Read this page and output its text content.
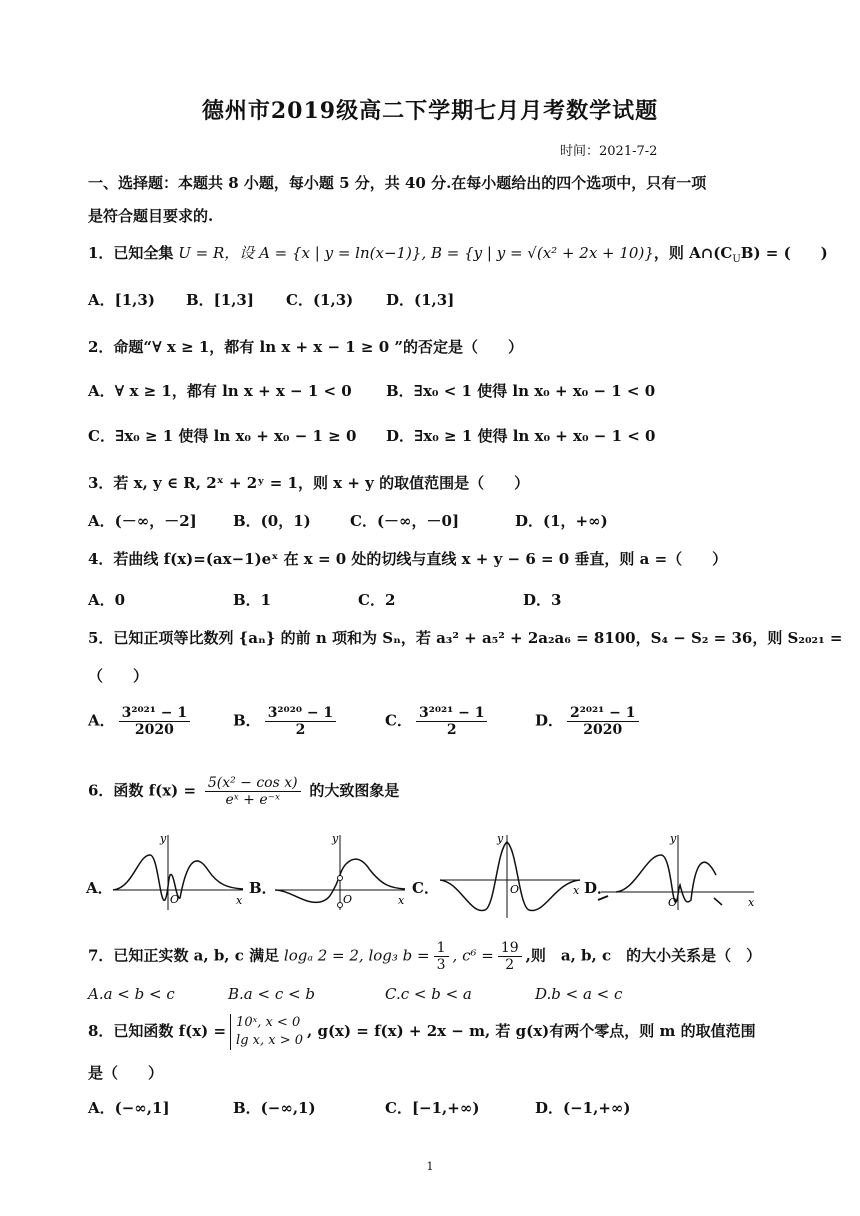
德州市2019级高二下学期七月月考数学试题
时间：2021-7-2
一、选择题：本题共 8 小题，每小题 5 分，共 40 分.在每小题给出的四个选项中，只有一项
是符合题目要求的.
1．已知全集 U = R，设 A = {x | y = ln(x−1)}, B = {y | y = √(x² + 2x + 10)}，则 $A\cap(C_UB)$ = (　　)
A．[1,3) B．[1,3] C．(1,3) D．(1,3]
2．命题“∀ x ≥ 1，都有 ln x + x − 1 ≥ 0 ”的否定是（　　）
A．∀ x ≥ 1，都有 ln x + x − 1 < 0 B．∃x₀ < 1 使得 ln x₀ + x₀ − 1 < 0
C．∃x₀ ≥ 1 使得 ln x₀ + x₀ − 1 ≥ 0 D．∃x₀ ≥ 1 使得 ln x₀ + x₀ − 1 < 0
3．若 x, y ∈ R, 2ˣ + 2ʸ = 1，则 x + y 的取值范围是（　　）
A．(－∞，－2] B．(0，1)	C．(－∞，－0]	D．(1，+∞)
4．若曲线 f(x)=(ax−1)eˣ 在 x = 0 处的切线与直线 x + y − 6 = 0 垂直，则 a =（　　）
A．0	B．1	C．2	D．3
5．已知正项等比数列 {aₙ} 的前 n 项和为 Sₙ，若 a₃² + a₅² + 2a₂a₆ = 8100，S₄ − S₂ = 36，则 S₂₀₂₁ =
（　　）
A． $\frac{\text{3²⁰²¹ − 1}}{2020}$	B． $\frac{\text{3²⁰²⁰ − 1}}{2}$	C． $\frac{\text{3²⁰²¹ − 1}}{2}$	D． $\frac{\text{2²⁰²¹ − 1}}{2020}$
6．函数 $f(x) = \frac{\text{5(x² − cos x)}}{\text{eˣ + e⁻ˣ}}$ 的大致图象是
A．
y
x
O
B．
y
x
O
C．
y
x
O	D．
y
x
O
7．已知正实数 a, b, c 满足 logₐ 2 = 2, log₃ $b = \frac{1}{3}$ , $c^6 = \frac{19}{2}$ ,则　a, b, c　的大小关系是（　）
A.a < b < c	B.a < c < b	C.c < b < a	D.b < a < c
8．已知函数 f(x) = 10ˣ, x < 0
lg x, x > 0
, g(x) = f(x) + 2x − m, 若 g(x)有两个零点，则 m 的取值范围
是（　　）
A．(−∞,1]	B．(−∞,1)	C．[−1,+∞)	D．(−1,+∞)
1
